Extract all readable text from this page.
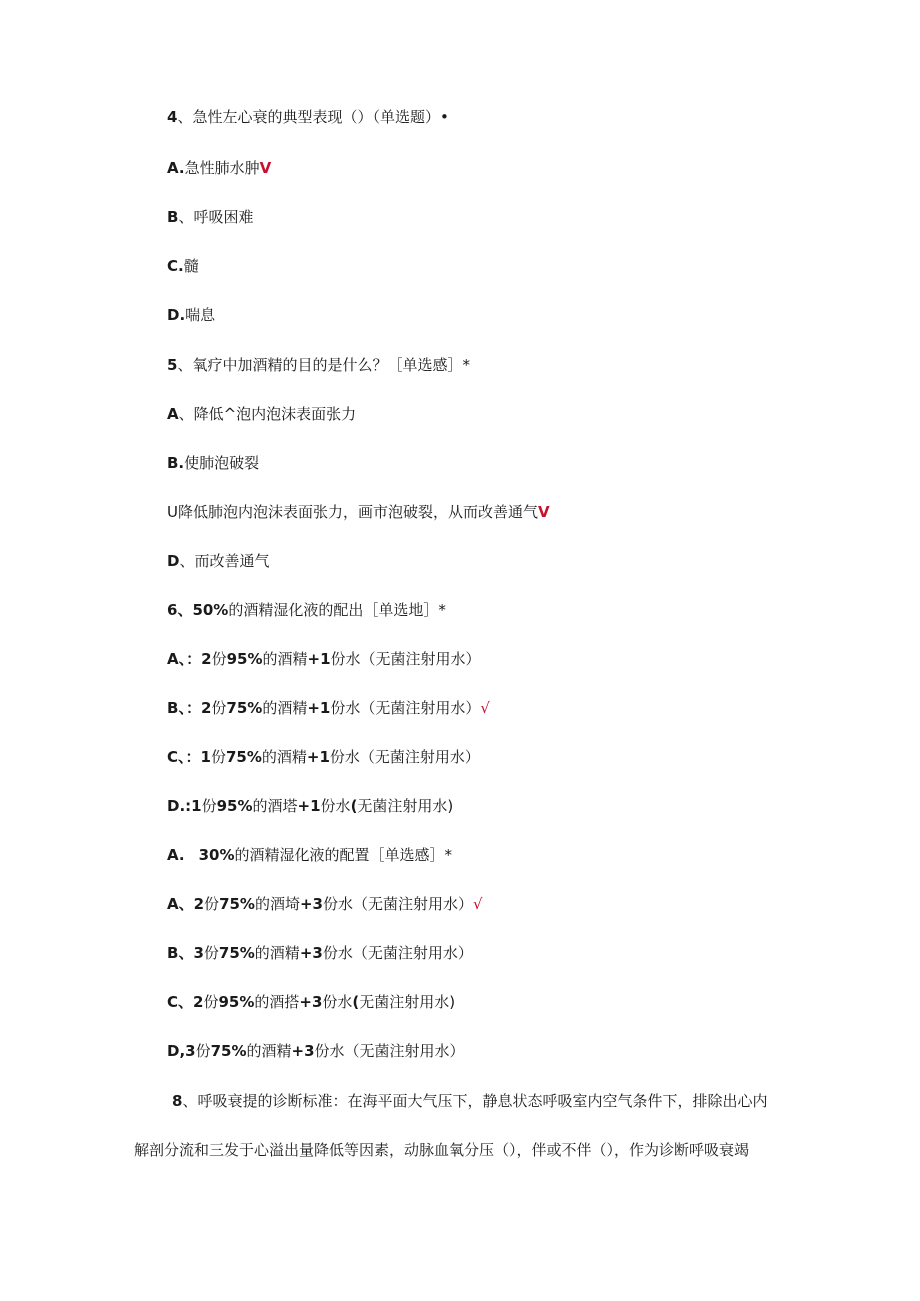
4、急性左心衰的典型表现（）（单选题）•
A.急性肺水肿V
B、呼吸困难
C.髓
D.喘息
5、氧疗中加酒精的目的是什么？［单选感］*
A、降低^泡内泡沫表面张力
B.使肺泡破裂
U降低肺泡内泡沫表面张力，画市泡破裂，从而改善通气V
D、而改善通气
6、50%的酒精湿化液的配出［单选地］*
A、：2份95%的酒精+1份水（无菌注射用水）
B、：2份75%的酒精+1份水（无菌注射用水）√
C、：1份75%的酒精+1份水（无菌注射用水）
D.:1份95%的酒塔+1份水(无菌注射用水)
A. 30%的酒精湿化液的配置［单选感］*
A、2份75%的酒埼+3份水（无菌注射用水）√
B、3份75%的酒精+3份水（无菌注射用水）
C、2份95%的酒搭+3份水(无菌注射用水)
D,3份75%的酒精+3份水（无菌注射用水）
8、呼吸衰提的诊断标准：在海平面大气压下，静息状态呼吸室内空气条件下，排除出心内
解剖分流和三发于心溢出量降低等因素，动脉血氧分压（），伴或不伴（），作为诊断呼吸衰竭
